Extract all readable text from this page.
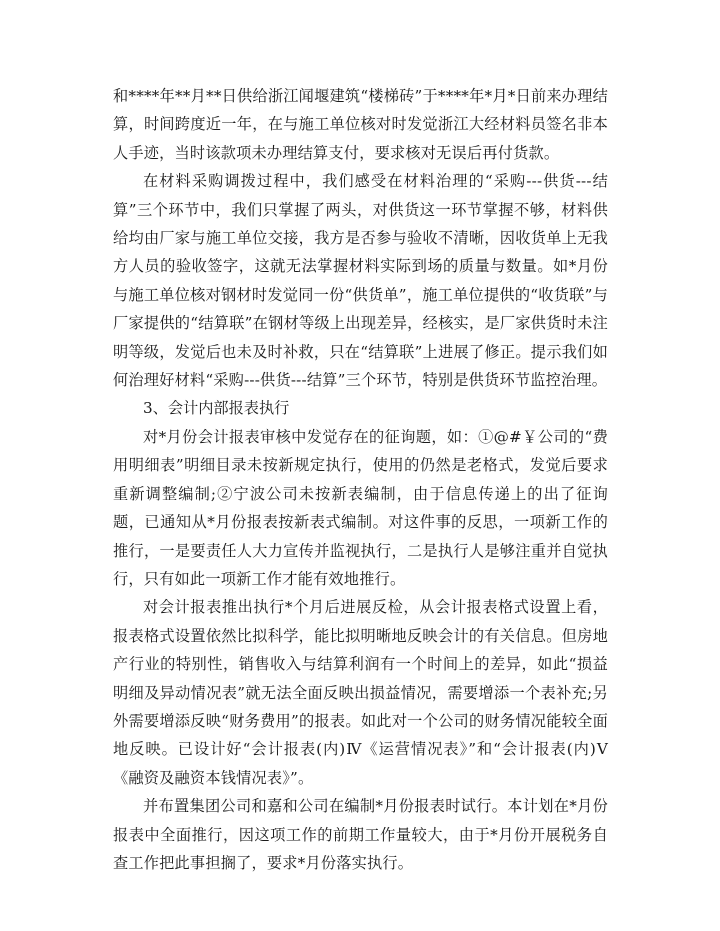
和****年**月**日供给浙江闻堰建筑“楼梯砖”于****年*月*日前来办理结算，时间跨度近一年，在与施工单位核对时发觉浙江大经材料员签名非本人手迹，当时该款项未办理结算支付，要求核对无误后再付货款。

在材料采购调拨过程中，我们感受在材料治理的“采购---供货---结算”三个环节中，我们只掌握了两头，对供货这一环节掌握不够，材料供给均由厂家与施工单位交接，我方是否参与验收不清晰，因收货单上无我方人员的验收签字，这就无法掌握材料实际到场的质量与数量。如*月份与施工单位核对钢材时发觉同一份“供货单”，施工单位提供的“收货联”与厂家提供的“结算联”在钢材等级上出现差异，经核实，是厂家供货时未注明等级，发觉后也未及时补救，只在“结算联”上进展了修正。提示我们如何治理好材料“采购---供货---结算”三个环节，特别是供货环节监控治理。

3、会计内部报表执行

对*月份会计报表审核中发觉存在的征询题，如：①@#￥公司的“费用明细表”明细目录未按新规定执行，使用的仍然是老格式，发觉后要求重新调整编制;②宁波公司未按新表编制，由于信息传递上的出了征询题，已通知从*月份报表按新表式编制。对这件事的反思，一项新工作的推行，一是要责任人大力宣传并监视执行，二是执行人是够注重并自觉执行，只有如此一项新工作才能有效地推行。

对会计报表推出执行*个月后进展反检，从会计报表格式设置上看，报表格式设置依然比拟科学，能比拟明晰地反映会计的有关信息。但房地产行业的特别性，销售收入与结算利润有一个时间上的差异，如此“损益明细及异动情况表”就无法全面反映出损益情况，需要增添一个表补充;另外需要增添反映“财务费用”的报表。如此对一个公司的财务情况能较全面地反映。已设计好“会计报表(内)Ⅳ《运营情况表》”和“会计报表(内)Ⅴ《融资及融资本钱情况表》”。

并布置集团公司和嘉和公司在编制*月份报表时试行。本计划在*月份报表中全面推行，因这项工作的前期工作量较大，由于*月份开展税务自查工作把此事担搁了，要求*月份落实执行。
